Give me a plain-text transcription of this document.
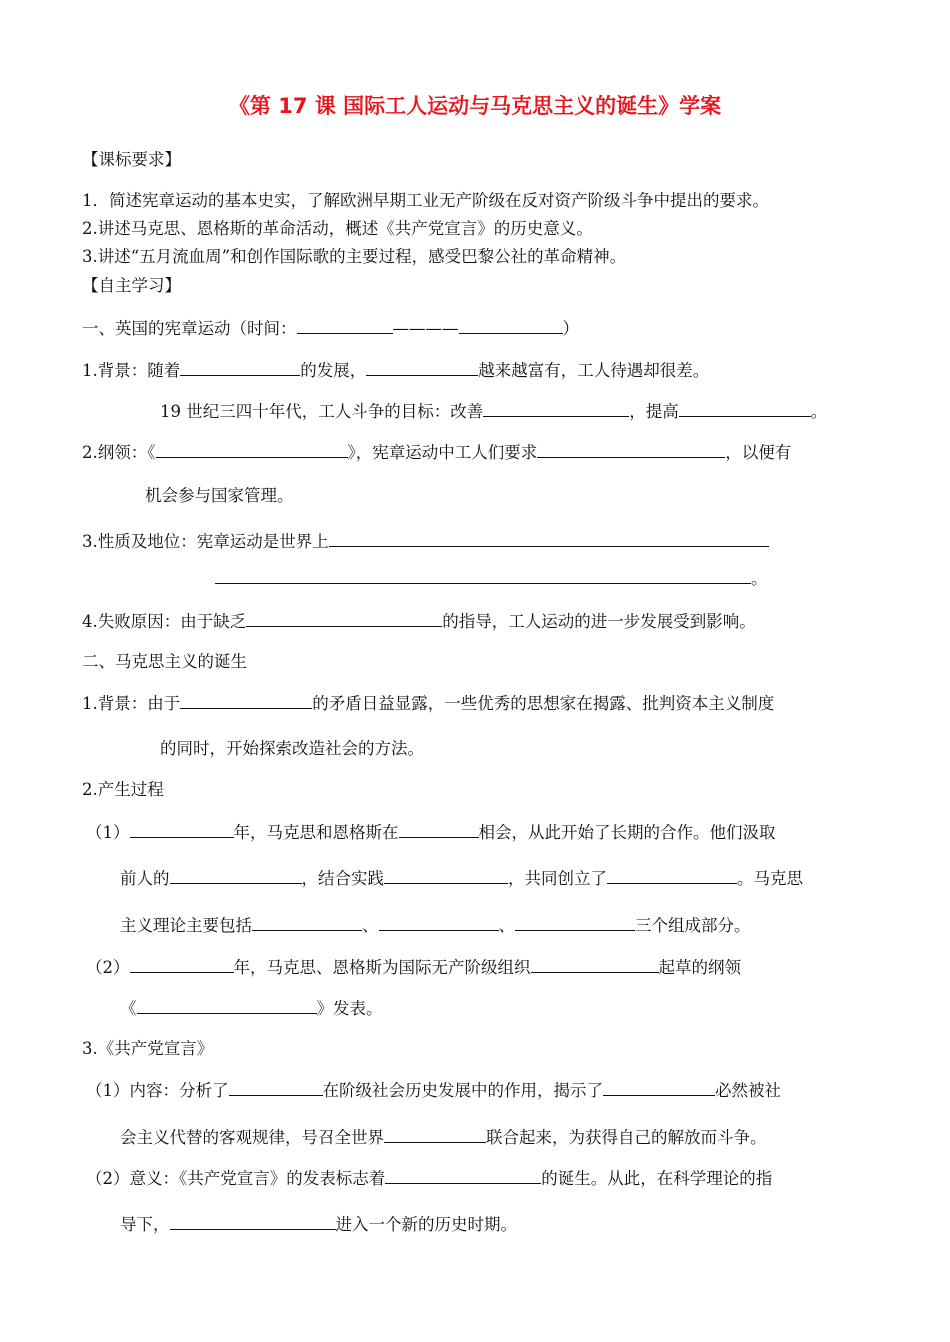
《第 17 课 国际工人运动与马克思主义的诞生》学案
【课标要求】
1．简述宪章运动的基本史实，了解欧洲早期工业无产阶级在反对资产阶级斗争中提出的要求。
2.讲述马克思、恩格斯的革命活动，概述《共产党宣言》的历史意义。
3.讲述“五月流血周”和创作国际歌的主要过程，感受巴黎公社的革命精神。
【自主学习】
一、英国的宪章运动（时间：	————	）
1.背景：随着	的发展，	越来越富有，工人待遇却很差。
19 世纪三四十年代，工人斗争的目标：改善	，提高	。
2.纲领：《	》，宪章运动中工人们要求	，以便有
机会参与国家管理。
3.性质及地位：宪章运动是世界上
。
4.失败原因：由于缺乏	的指导，工人运动的进一步发展受到影响。
二、马克思主义的诞生
1.背景：由于	的矛盾日益显露，一些优秀的思想家在揭露、批判资本主义制度
的同时，开始探索改造社会的方法。
2.产生过程
（1）	年，马克思和恩格斯在	相会，从此开始了长期的合作。他们汲取
前人的	，结合实践	，共同创立了	。马克思
主义理论主要包括	、	、	三个组成部分。
（2）	年，马克思、恩格斯为国际无产阶级组织	起草的纲领
《	》发表。
3.《共产党宣言》
（1）内容：分析了	在阶级社会历史发展中的作用，揭示了	必然被社
会主义代替的客观规律，号召全世界	联合起来，为获得自己的解放而斗争。
（2）意义：《共产党宣言》的发表标志着	的诞生。从此，在科学理论的指
导下，	进入一个新的历史时期。
